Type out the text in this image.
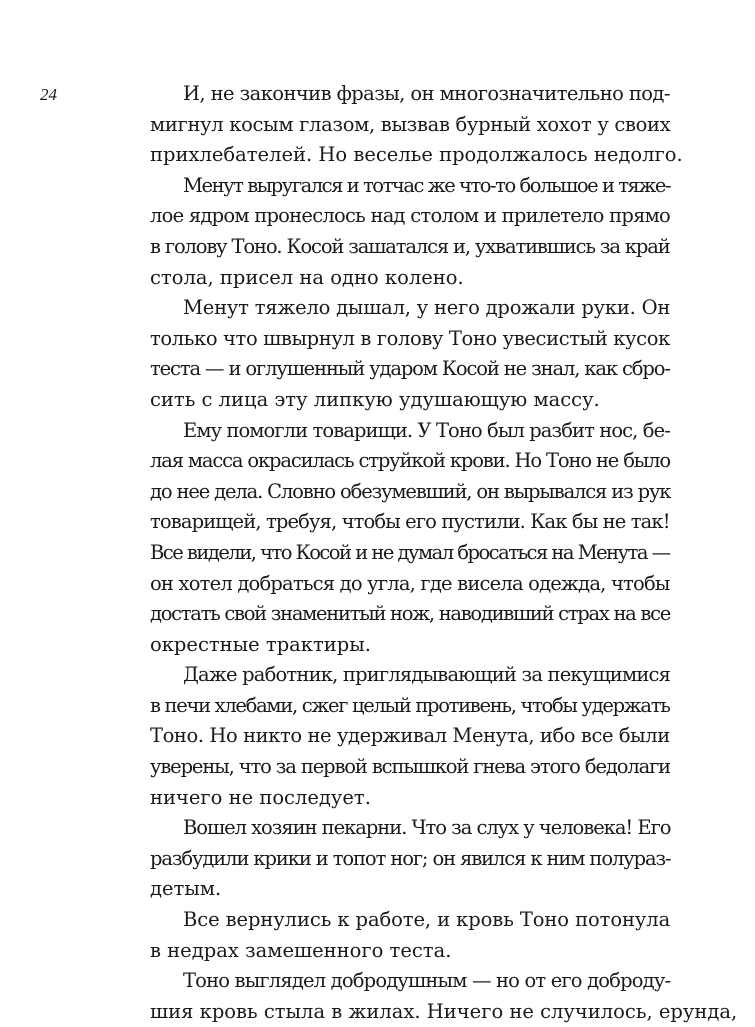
24	И, не закончив фразы, он многозначительно под-
мигнул косым глазом, вызвав бурный хохот у своих
прихлебателей. Но веселье продолжалось недолго.
Менут выругался и тотчас же что-то большое и тяже-
лое ядром пронеслось над столом и прилетело прямо
в голову Тоно. Косой зашатался и, ухватившись за край
стола, присел на одно колено.
Менут тяжело дышал, у него дрожали руки. Он
только что швырнул в голову Тоно увесистый кусок
теста — и оглушенный ударом Косой не знал, как сбро-
сить с лица эту липкую удушающую массу.
Ему помогли товарищи. У Тоно был разбит нос, бе-
лая масса окрасилась струйкой крови. Но Тоно не было
до нее дела. Словно обезумевший, он вырывался из рук
товарищей, требуя, чтобы его пустили. Как бы не так!
Все видели, что Косой и не думал бросаться на Менута —
он хотел добраться до угла, где висела одежда, чтобы
достать свой знаменитый нож, наводивший страх на все
окрестные трактиры.
Даже работник, приглядывающий за пекущимися
в печи хлебами, сжег целый противень, чтобы удержать
Тоно. Но никто не удерживал Менута, ибо все были
уверены, что за первой вспышкой гнева этого бедолаги
ничего не последует.
Вошел хозяин пекарни. Что за слух у человека! Его
разбудили крики и топот ног; он явился к ним полураз-
детым.
Все вернулись к работе, и кровь Тоно потонула
в недрах замешенного теста.
Тоно выглядел добродушным — но от его доброду-
шия кровь стыла в жилах. Ничего не случилось, ерунда,
